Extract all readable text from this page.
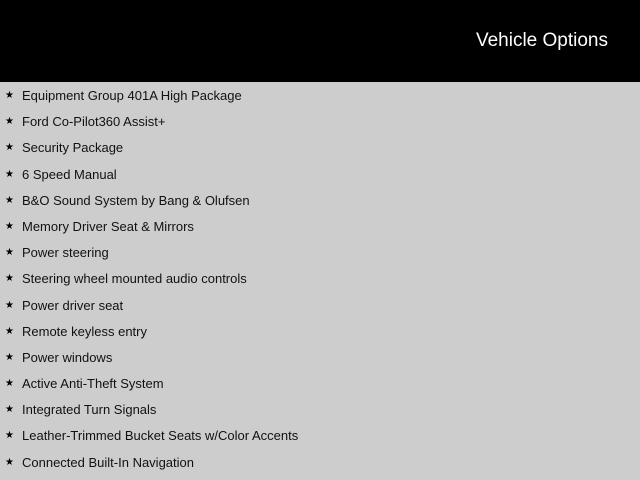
Vehicle Options
★ Equipment Group 401A High Package
★ Ford Co-Pilot360 Assist+
★ Security Package
★ 6 Speed Manual
★ B&O Sound System by Bang & Olufsen
★ Memory Driver Seat & Mirrors
★ Power steering
★ Steering wheel mounted audio controls
★ Power driver seat
★ Remote keyless entry
★ Power windows
★ Active Anti-Theft System
★ Integrated Turn Signals
★ Leather-Trimmed Bucket Seats w/Color Accents
★ Connected Built-In Navigation
